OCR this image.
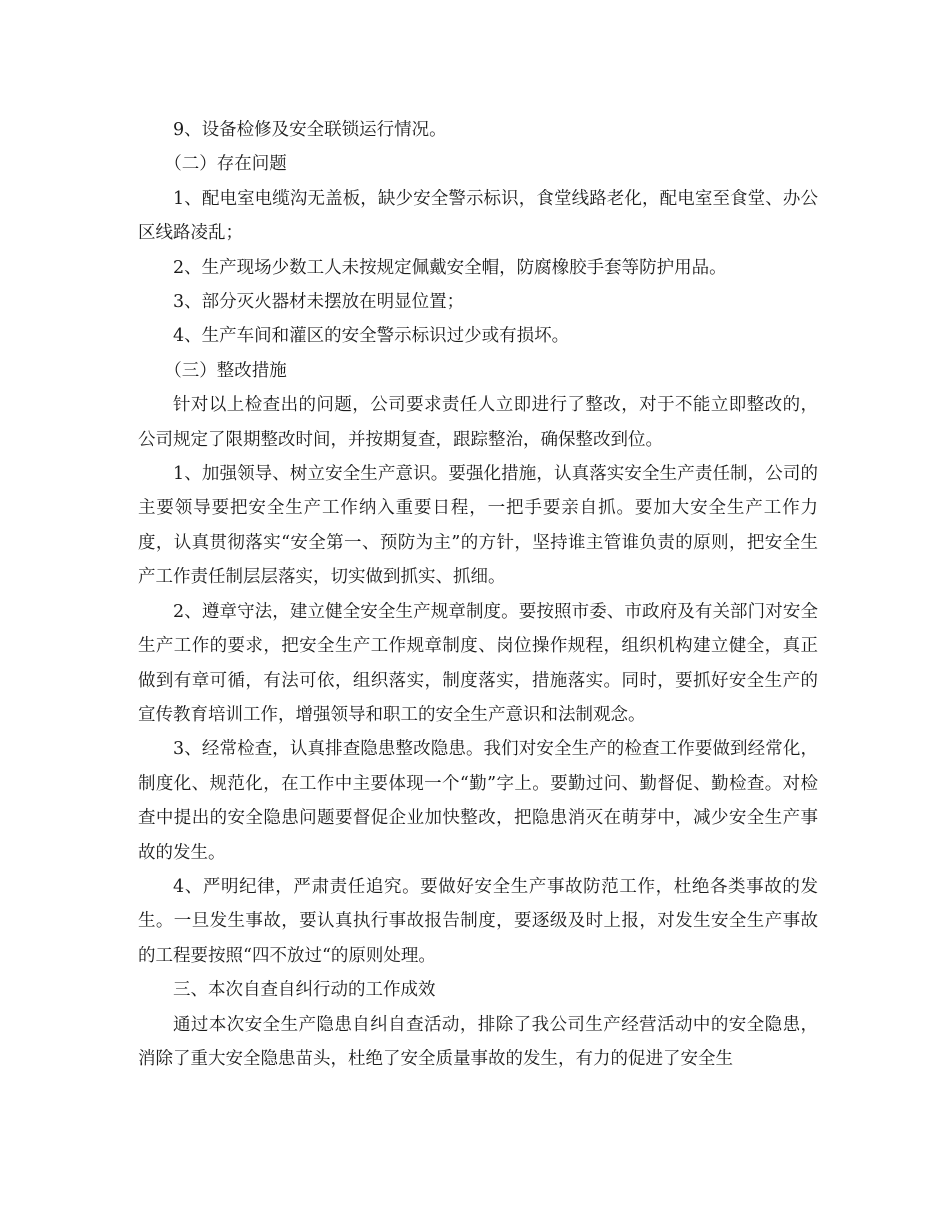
9、设备检修及安全联锁运行情况。

（二）存在问题

1、配电室电缆沟无盖板，缺少安全警示标识，食堂线路老化，配电室至食堂、办公区线路凌乱；

2、生产现场少数工人未按规定佩戴安全帽，防腐橡胶手套等防护用品。

3、部分灭火器材未摆放在明显位置；

4、生产车间和灌区的安全警示标识过少或有损坏。

（三）整改措施

针对以上检查出的问题，公司要求责任人立即进行了整改，对于不能立即整改的，公司规定了限期整改时间，并按期复查，跟踪整治，确保整改到位。

1、加强领导、树立安全生产意识。要强化措施，认真落实安全生产责任制，公司的主要领导要把安全生产工作纳入重要日程，一把手要亲自抓。要加大安全生产工作力度，认真贯彻落实“安全第一、预防为主”的方针，坚持谁主管谁负责的原则，把安全生产工作责任制层层落实，切实做到抓实、抓细。

2、遵章守法，建立健全安全生产规章制度。要按照市委、市政府及有关部门对安全生产工作的要求，把安全生产工作规章制度、岗位操作规程，组织机构建立健全，真正做到有章可循，有法可依，组织落实，制度落实，措施落实。同时，要抓好安全生产的宣传教育培训工作，增强领导和职工的安全生产意识和法制观念。

3、经常检查，认真排查隐患整改隐患。我们对安全生产的检查工作要做到经常化，制度化、规范化，在工作中主要体现一个“勤”字上。要勤过问、勤督促、勤检查。对检查中提出的安全隐患问题要督促企业加快整改，把隐患消灭在萌芽中，减少安全生产事故的发生。

4、严明纪律，严肃责任追究。要做好安全生产事故防范工作，杜绝各类事故的发生。一旦发生事故，要认真执行事故报告制度，要逐级及时上报，对发生安全生产事故的工程要按照“四不放过“的原则处理。

三、本次自查自纠行动的工作成效

通过本次安全生产隐患自纠自查活动，排除了我公司生产经营活动中的安全隐患，消除了重大安全隐患苗头，杜绝了安全质量事故的发生，有力的促进了安全生
